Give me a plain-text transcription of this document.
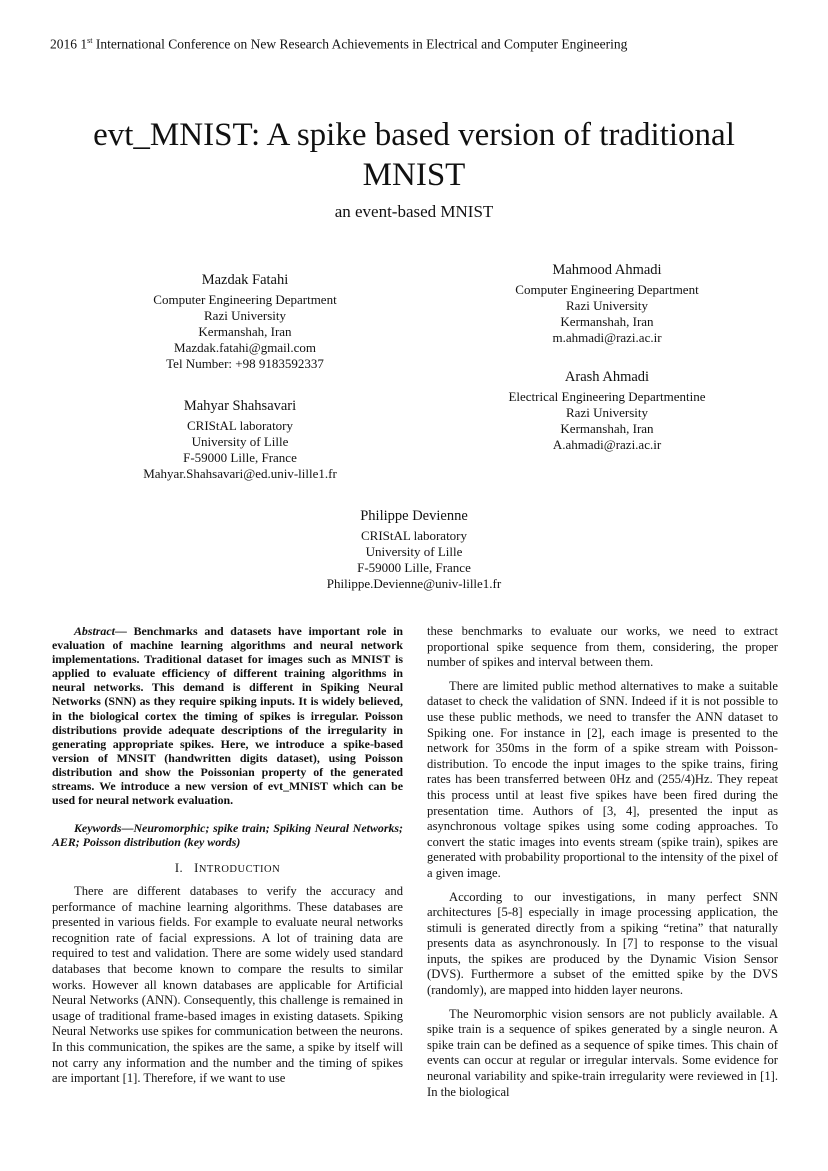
2016 1st International Conference on New Research Achievements in Electrical and Computer Engineering
evt_MNIST: A spike based version of traditional
MNIST
an event-based MNIST
Mazdak Fatahi
Computer Engineering Department
Razi University
Kermanshah, Iran
Mazdak.fatahi@gmail.com
Tel Number: +98 9183592337
Mahmood Ahmadi
Computer Engineering Department
Razi University
Kermanshah, Iran
m.ahmadi@razi.ac.ir
Mahyar Shahsavari
CRIStAL laboratory
University of Lille
F-59000 Lille, France
Mahyar.Shahsavari@ed.univ-lille1.fr
Arash Ahmadi
Electrical Engineering Departmentine
Razi University
Kermanshah, Iran
A.ahmadi@razi.ac.ir
Philippe Devienne
CRIStAL laboratory
University of Lille
F-59000 Lille, France
Philippe.Devienne@univ-lille1.fr

Abstract— Benchmarks and datasets have important role in evaluation of machine learning algorithms and neural network implementations. Traditional dataset for images such as MNIST is applied to evaluate efficiency of different training algorithms in neural networks. This demand is different in Spiking Neural Networks (SNN) as they require spiking inputs. It is widely believed, in the biological cortex the timing of spikes is irregular. Poisson distributions provide adequate descriptions of the irregularity in generating appropriate spikes. Here, we introduce a spike-based version of MNSIT (handwritten digits dataset), using Poisson distribution and show the Poissonian property of the generated streams. We introduce a new version of evt_MNIST which can be used for neural network evaluation.

Keywords—Neuromorphic; spike train; Spiking Neural Networks; AER; Poisson distribution (key words)

I. INTRODUCTION

There are different databases to verify the accuracy and performance of machine learning algorithms. These databases are presented in various fields. For example to evaluate neural networks recognition rate of facial expressions. A lot of training data are required to test and validation. There are some widely used standard databases that become known to compare the results to similar works. However all known databases are applicable for Artificial Neural Networks (ANN). Consequently, this challenge is remained in usage of traditional frame-based images in existing datasets. Spiking Neural Networks use spikes for communication between the neurons. In this communication, the spikes are the same, a spike by itself will not carry any information and the number and the timing of spikes are important [1]. Therefore, if we want to use

these benchmarks to evaluate our works, we need to extract proportional spike sequence from them, considering, the proper number of spikes and interval between them.

There are limited public method alternatives to make a suitable dataset to check the validation of SNN. Indeed if it is not possible to use these public methods, we need to transfer the ANN dataset to Spiking one. For instance in [2], each image is presented to the network for 350ms in the form of a spike stream with Poisson-distribution. To encode the input images to the spike trains, firing rates has been transferred between 0Hz and (255/4)Hz. They repeat this process until at least five spikes have been fired during the presentation time. Authors of [3, 4], presented the input as asynchronous voltage spikes using some coding approaches. To convert the static images into events stream (spike train), spikes are generated with probability proportional to the intensity of the pixel of a given image.

According to our investigations, in many perfect SNN architectures [5-8] especially in image processing application, the stimuli is generated directly from a spiking “retina” that naturally presents data as asynchronously. In [7] to response to the visual inputs, the spikes are produced by the Dynamic Vision Sensor (DVS). Furthermore a subset of the emitted spike by the DVS (randomly), are mapped into hidden layer neurons.

The Neuromorphic vision sensors are not publicly available. A spike train is a sequence of spikes generated by a single neuron. A spike train can be defined as a sequence of spike times. This chain of events can occur at regular or irregular intervals. Some evidence for neuronal variability and spike-train irregularity were reviewed in [1]. In the biological
